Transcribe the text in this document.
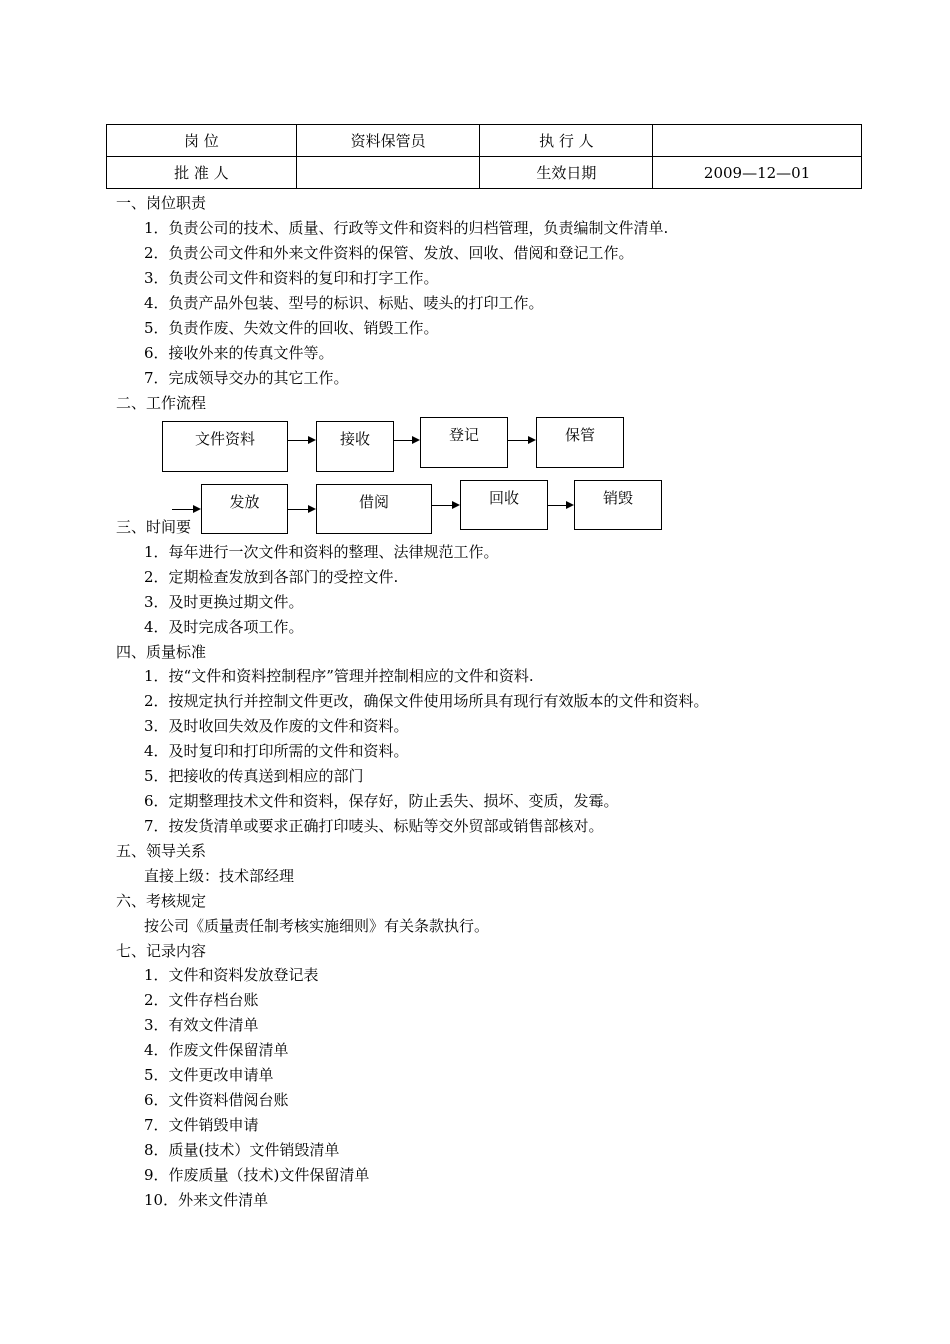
岗 位	资料保管员	执 行 人	
批 准 人		生效日期	2009—12—01
一、岗位职责
1．负责公司的技术、质量、行政等文件和资料的归档管理，负责编制文件清单.
2．负责公司文件和外来文件资料的保管、发放、回收、借阅和登记工作。
3．负责公司文件和资料的复印和打字工作。
4．负责产品外包装、型号的标识、标贴、唛头的打印工作。
5．负责作废、失效文件的回收、销毁工作。
6．接收外来的传真文件等。
7．完成领导交办的其它工作。
二、工作流程
文件资料	接收	登记	保管
发放	借阅	回收	销毁
三、时间要
1．每年进行一次文件和资料的整理、法律规范工作。
2．定期检查发放到各部门的受控文件.
3．及时更换过期文件。
4．及时完成各项工作。
四、质量标准
1．按“文件和资料控制程序”管理并控制相应的文件和资料.
2．按规定执行并控制文件更改，确保文件使用场所具有现行有效版本的文件和资料。
3．及时收回失效及作废的文件和资料。
4．及时复印和打印所需的文件和资料。
5．把接收的传真送到相应的部门
6．定期整理技术文件和资料，保存好，防止丢失、损坏、变质，发霉。
7．按发货清单或要求正确打印唛头、标贴等交外贸部或销售部核对。
五、领导关系
直接上级：技术部经理
六、考核规定
按公司《质量责任制考核实施细则》有关条款执行。
七、记录内容
1．文件和资料发放登记表
2．文件存档台账
3．有效文件清单
4．作废文件保留清单
5．文件更改申请单
6．文件资料借阅台账
7．文件销毁申请
8．质量(技术）文件销毁清单
9．作废质量（技术)文件保留清单
10．外来文件清单
